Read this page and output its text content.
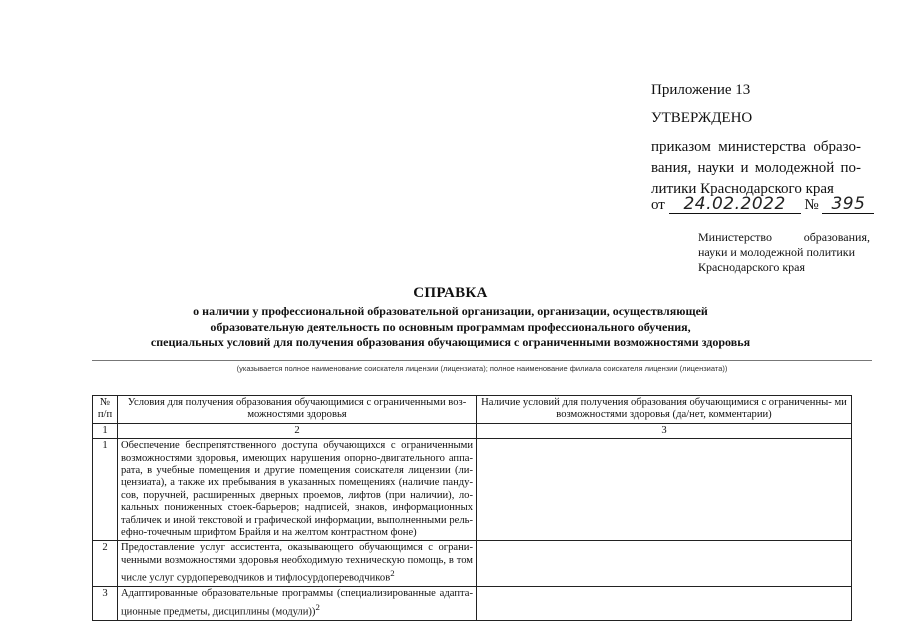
Приложение 13
УТВЕРЖДЕНО
приказом министерства образо- вания, науки и молодежной по- литики Краснодарского края
от 24.02.2022 № 395
Министерство	образования,
науки и молодежной политики
Краснодарского края
СПРАВКА
о наличии у профессиональной образовательной организации, организации, осуществляющей
образовательную деятельность по основным программам профессионального обучения,
специальных условий для получения образования обучающимися с ограниченными возможностями здоровья
(указывается полное наименование соискателя лицензии (лицензиата); полное наименование филиала соискателя лицензии (лицензиата))
№ п/п	Условия для получения образования обучающимися с ограниченными воз- можностями здоровья	Наличие условий для получения образования обучающимися с ограниченны- ми возможностями здоровья (да/нет, комментарии)
1	2	3
1	Обеспечение беспрепятственного доступа обучающихся с ограниченными возможностями здоровья, имеющих нарушения опорно-двигательного аппа- рата, в учебные помещения и другие помещения соискателя лицензии (ли- цензиата), а также их пребывания в указанных помещениях (наличие панду- сов, поручней, расширенных дверных проемов, лифтов (при наличии), ло- кальных пониженных стоек-барьеров; надписей, знаков, информационных табличек и иной текстовой и графической информации, выполненными рель- ефно-точечным шрифтом Брайля и на желтом контрастном фоне)	
2	Предоставление услуг ассистента, оказывающего обучающимся с ограни- ченными возможностями здоровья необходимую техническую помощь, в том числе услуг сурдопереводчиков и тифлосурдопереводчиков$^2$	
3	Адаптированные образовательные программы (специализированные адапта- ционные предметы, дисциплины (модули))$^2$	
